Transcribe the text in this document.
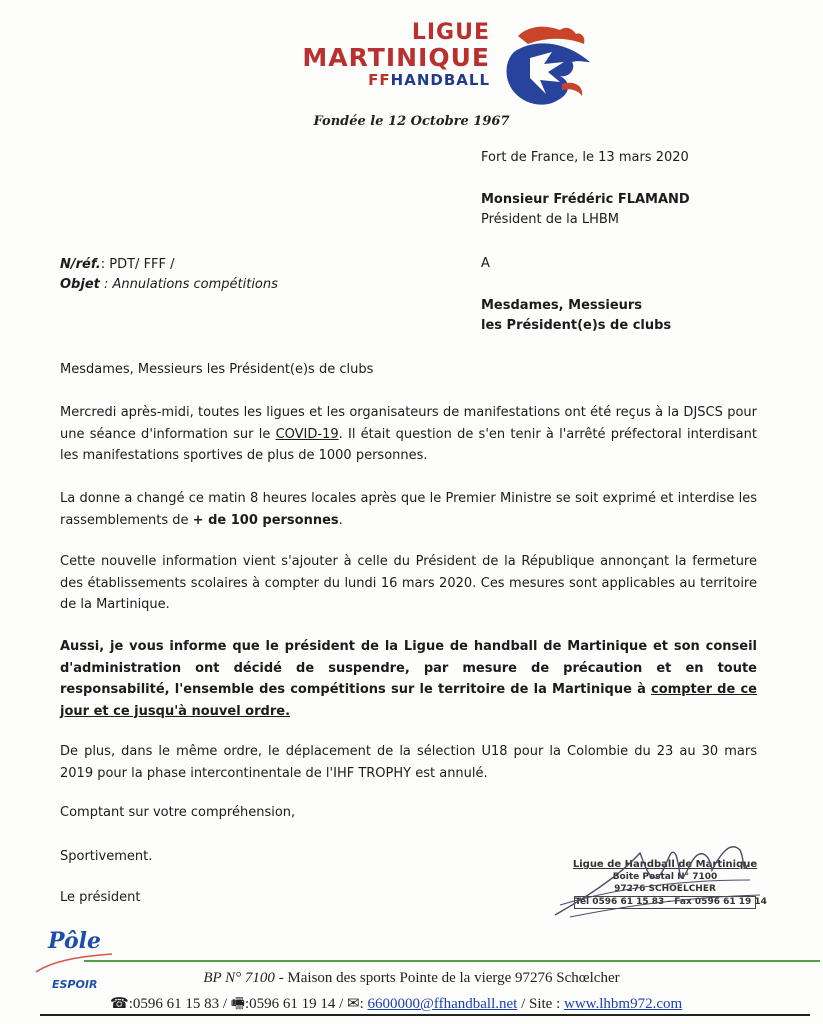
LIGUE
MARTINIQUE
FFHANDBALL
Fondée le 12 Octobre 1967
Fort de France, le 13 mars 2020
Monsieur Frédéric FLAMAND
Président de la LHBM
A
Mesdames, Messieurs
les Président(e)s de clubs
N/réf.: PDT/ FFF /
Objet : Annulations compétitions
Mesdames, Messieurs les Président(e)s de clubs
Mercredi après-midi, toutes les ligues et les organisateurs de manifestations ont été reçus à la DJSCS pour une séance d'information sur le COVID-19. Il était question de s'en tenir à l'arrêté préfectoral interdisant les manifestations sportives de plus de 1000 personnes.
La donne a changé ce matin 8 heures locales après que le Premier Ministre se soit exprimé et interdise les rassemblements de + de 100 personnes.
Cette nouvelle information vient s'ajouter à celle du Président de la République annonçant la fermeture des établissements scolaires à compter du lundi 16 mars 2020. Ces mesures sont applicables au territoire de la Martinique.
Aussi, je vous informe que le président de la Ligue de handball de Martinique et son conseil d'administration ont décidé de suspendre, par mesure de précaution et en toute responsabilité, l'ensemble des compétitions sur le territoire de la Martinique à compter de ce jour et ce jusqu'à nouvel ordre.
De plus, dans le même ordre, le déplacement de la sélection U18 pour la Colombie du 23 au 30 mars 2019 pour la phase intercontinentale de l'IHF TROPHY est annulé.
Comptant sur votre compréhension,
Sportivement.
Le président
Ligue de Handball de Martinique
Boite Postal N° 7100
97276 SCHOELCHER
Tél 0596 61 15 83 - Fax 0596 61 19 14
Pôle
ESPOIR	BP N° 7100 - Maison des sports Pointe de la vierge 97276 Schœlcher
☎:0596 61 15 83 / 🖷:0596 61 19 14 / ✉: 6600000@ffhandball.net / Site : www.lhbm972.com
